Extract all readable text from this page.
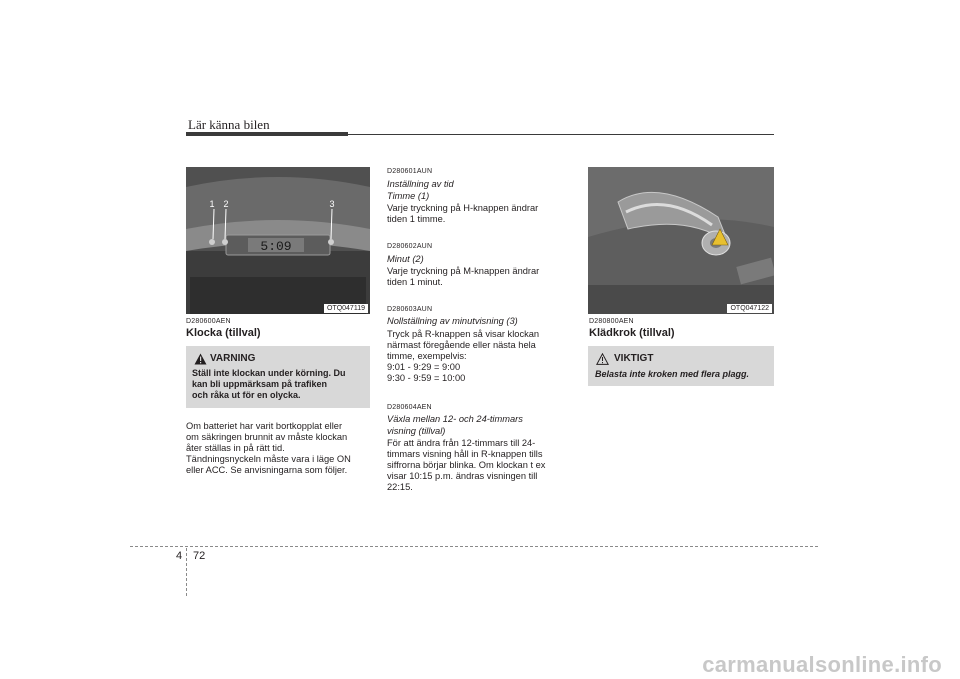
Lär känna bilen
5:09
1 2	3
OTQ047119
D280600AEN
Klocka (tillval)
VARNING
Ställ inte klockan under körning. Du
kan bli uppmärksam på trafiken
och råka ut för en olycka.
Om batteriet har varit bortkopplat eller
om säkringen brunnit av måste klockan
åter ställas in på rätt tid.
Tändningsnyckeln måste vara i läge ON
eller ACC. Se anvisningarna som följer.
D280601AUN
Inställning av tid
Timme (1)
Varje tryckning på H-knappen ändrar
tiden 1 timme.
D280602AUN
Minut (2)
Varje tryckning på M-knappen ändrar
tiden 1 minut.
D280603AUN
Nollställning av minutvisning (3)
Tryck på R-knappen så visar klockan
närmast föregående eller nästa hela
timme, exempelvis:
9:01 - 9:29 = 9:00
9:30 - 9:59 = 10:00
D280604AEN
Växla mellan 12- och 24-timmars
visning (tillval)
För att ändra från 12-timmars till 24-
timmars visning håll in R-knappen tills
siffrorna börjar blinka. Om klockan t ex
visar 10:15 p.m. ändras visningen till
22:15.
OTQ047122
D280800AEN
Klädkrok (tillval)
VIKTIGT
Belasta inte kroken med flera plagg.
4 72
carmanualsonline.info
